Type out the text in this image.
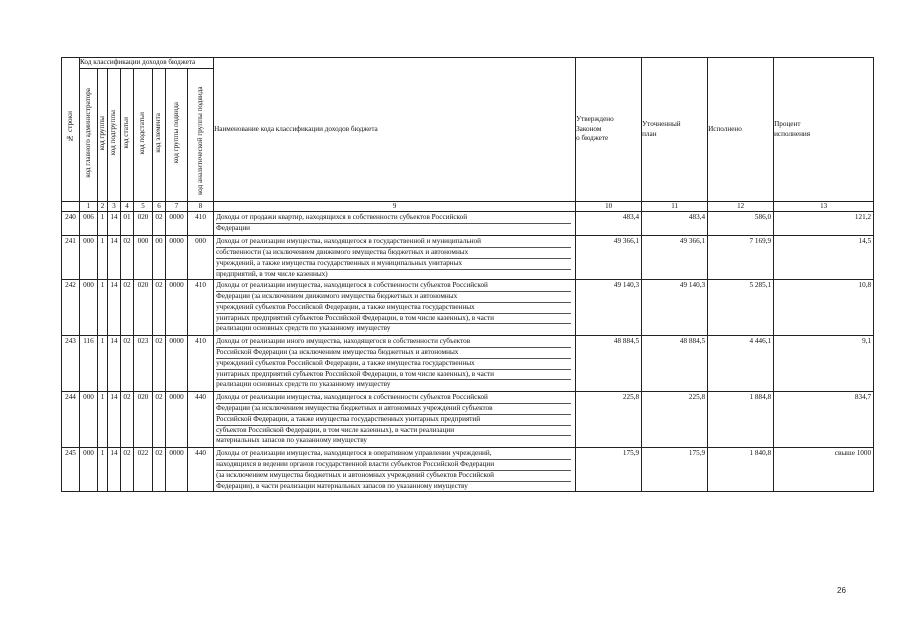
№ строки	Код классификации доходов бюджета								Наименование кода классификации доходов бюджета	Утверждено
Законом
о бюджете	Уточненный
план	Исполнено	Процент
исполнения

	код главного администратора	код группы	код подгруппы	код статьи	код подстатьи	код элемента	код группы подвида	код аналитической группы подвида					

	1	2	3	4	5	6	7	8	9	10	11	12	13
240	006	1	14	01	020	02	0000	410	Доходы от продажи квартир, находящихся в собственности субъектов Российской
Федерации	483,4	483,4	586,0	121,2
241	000	1	14	02	000	00	0000	000	Доходы от реализации имущества, находящегося в государственной и муниципальной
собственности (за исключением движимого имущества бюджетных и автономных
учреждений, а также имущества государственных и муниципальных унитарных
предприятий, в том числе казенных)	49 366,1	49 366,1	7 169,9	14,5
242	000	1	14	02	020	02	0000	410	Доходы от реализации имущества, находящегося в собственности субъектов Российской
Федерации (за исключением движимого имущества бюджетных и автономных
учреждений субъектов Российской Федерации, а также имущества государственных
унитарных предприятий субъектов Российской Федерации, в том числе казенных), в части
реализации основных средств по указанному имуществу	49 140,3	49 140,3	5 285,1	10,8
243	116	1	14	02	023	02	0000	410	Доходы от реализации иного имущества, находящегося в собственности субъектов
Российской Федерации (за исключением имущества бюджетных и автономных
учреждений субъектов Российской Федерации, а также имущества государственных
унитарных предприятий субъектов Российской Федерации, в том числе казенных), в части
реализации основных средств по указанному имуществу	48 884,5	48 884,5	4 446,1	9,1
244	000	1	14	02	020	02	0000	440	Доходы от реализации имущества, находящегося в собственности субъектов Российской
Федерации (за исключением имущества бюджетных и автономных учреждений субъектов
Российской Федерации, а также имущества государственных унитарных предприятий
субъектов Российской Федерации, в том числе казенных), в части реализации
материальных запасов по указанному имуществу	225,8	225,8	1 884,8	834,7
245	000	1	14	02	022	02	0000	440	Доходы от реализации имущества, находящегося в оперативном управлении учреждений,
находящихся в ведении органов государственной власти субъектов Российской Федерации
(за исключением имущества бюджетных и автономных учреждений субъектов Российской
Федерации), в части реализации материальных запасов по указанному имуществу	175,9	175,9	1 840,8	свыше 1000
26
